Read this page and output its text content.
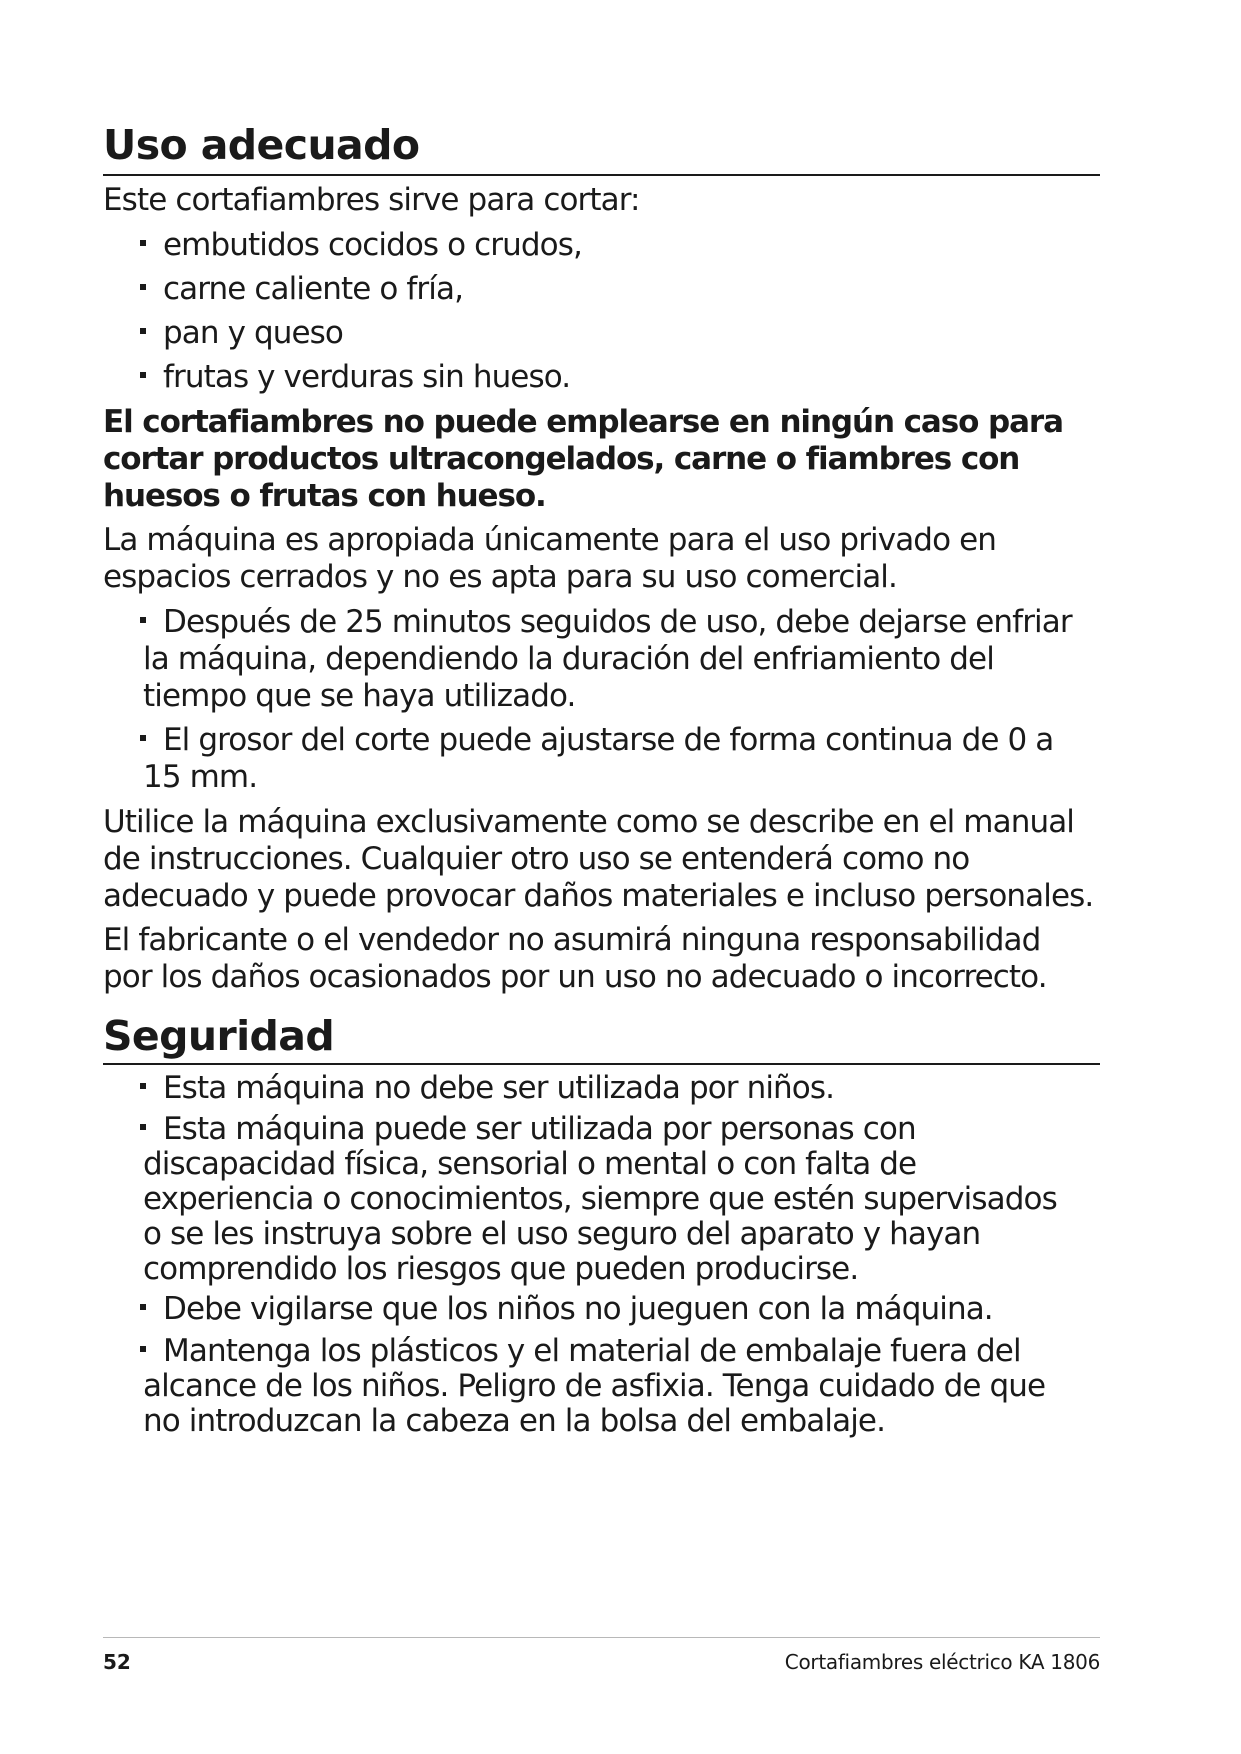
Uso adecuado

Este cortafiambres sirve para cortar:

embutidos cocidos o crudos,

carne caliente o fría,

pan y queso

frutas y verduras sin hueso.

El cortafiambres no puede emplearse en ningún caso para

cortar productos ultracongelados, carne o fiambres con

huesos o frutas con hueso.

La máquina es apropiada únicamente para el uso privado en

espacios cerrados y no es apta para su uso comercial.

Después de 25 minutos seguidos de uso, debe dejarse enfriar

la máquina, dependiendo la duración del enfriamiento del

tiempo que se haya utilizado.

El grosor del corte puede ajustarse de forma continua de 0 a

15 mm.

Utilice la máquina exclusivamente como se describe en el manual

de instrucciones. Cualquier otro uso se entenderá como no

adecuado y puede provocar daños materiales e incluso personales.

El fabricante o el vendedor no asumirá ninguna responsabilidad

por los daños ocasionados por un uso no adecuado o incorrecto.

Seguridad

Esta máquina no debe ser utilizada por niños.

Esta máquina puede ser utilizada por personas con

discapacidad física, sensorial o mental o con falta de

experiencia o conocimientos, siempre que estén supervisados

o se les instruya sobre el uso seguro del aparato y hayan

comprendido los riesgos que pueden producirse.

Debe vigilarse que los niños no jueguen con la máquina.

Mantenga los plásticos y el material de embalaje fuera del

alcance de los niños. Peligro de asfixia. Tenga cuidado de que

no introduzcan la cabeza en la bolsa del embalaje.

52	Cortafiambres eléctrico KA 1806
